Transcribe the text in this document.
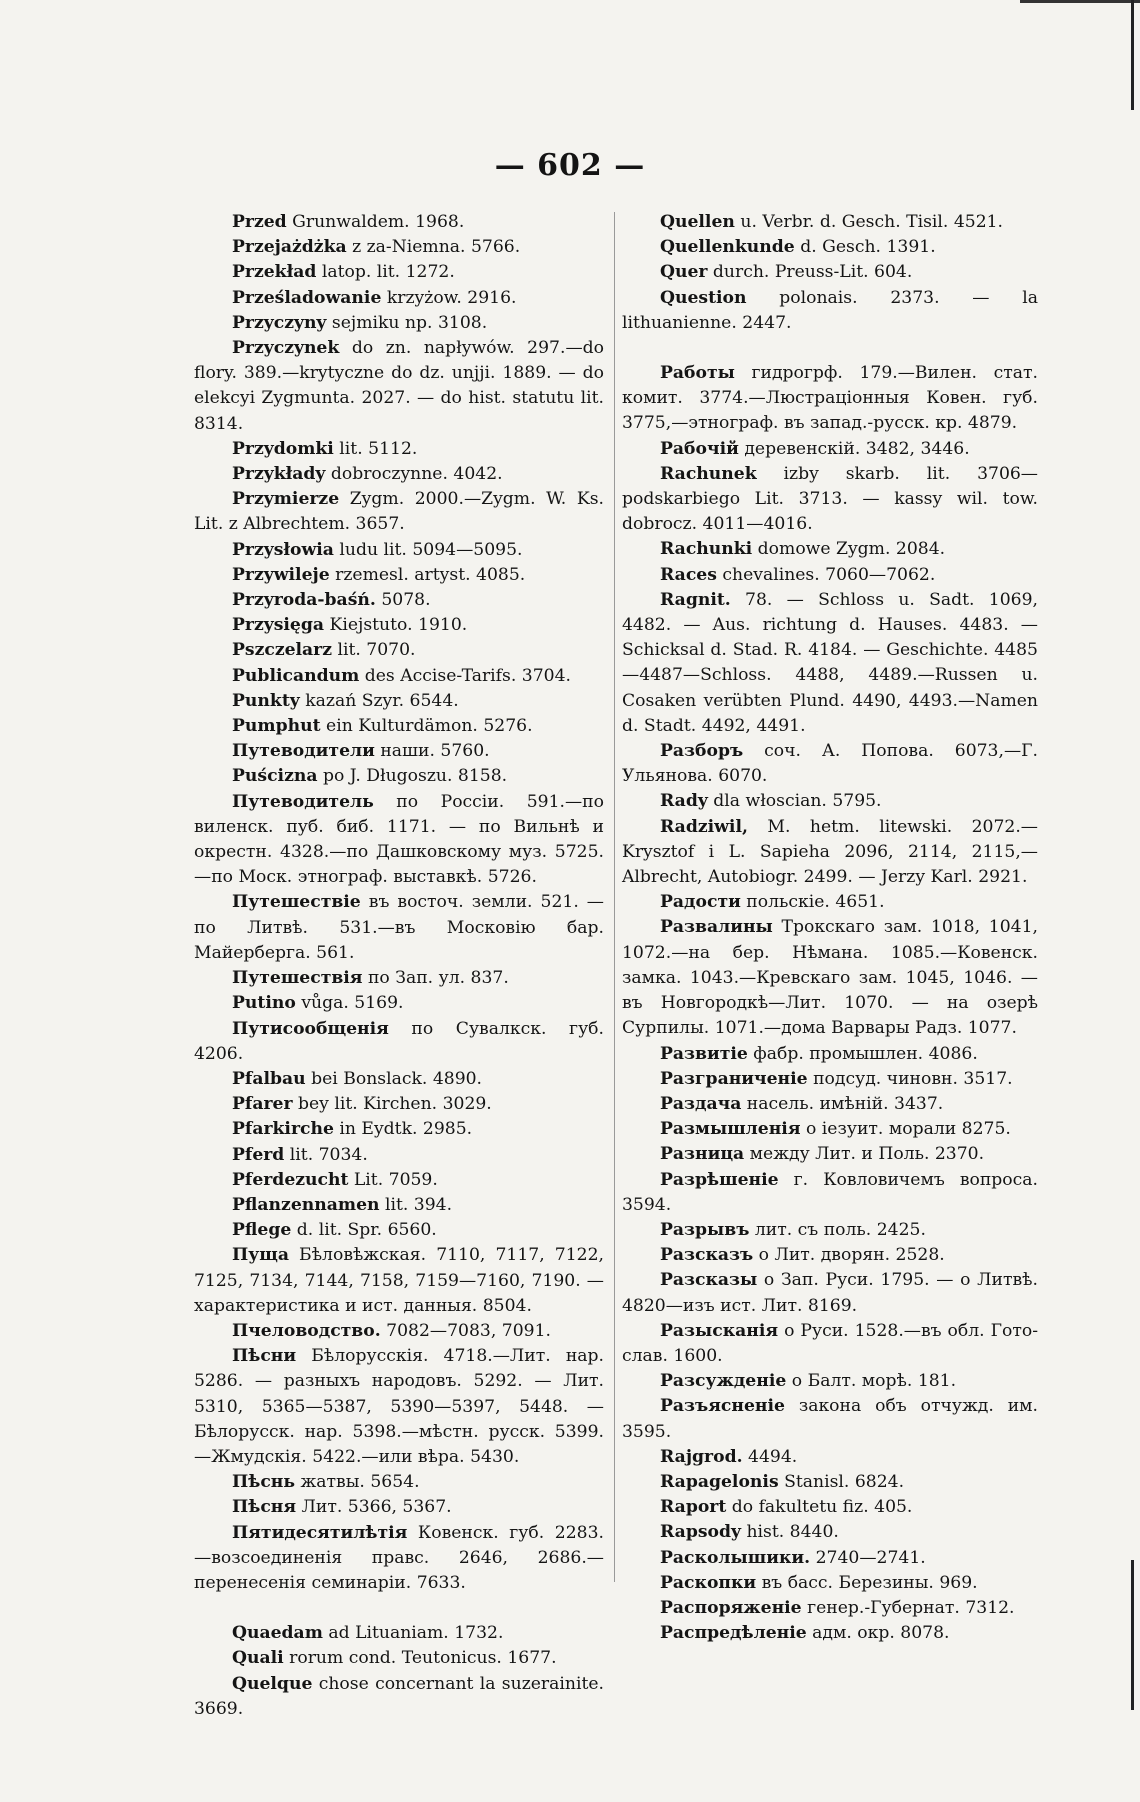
— 602 —

Przed Grunwaldem. 1968.

Przejażdżka z za-Niemna. 5766.

Przekład latop. lit. 1272.

Prześladowanie krzyżow. 2916.

Przyczyny sejmiku np. 3108.

Przyczynek do zn. napływów. 297.—do flory. 389.—krytyczne do dz. unjji. 1889. — do elekcyi Zygmunta. 2027. — do hist. statutu lit. 8314.

Przydomki lit. 5112.

Przykłady dobroczynne. 4042.

Przymierze Zygm. 2000.—Zygm. W. Ks. Lit. z Albrechtem. 3657.

Przysłowia ludu lit. 5094—5095.

Przywileje rzemesl. artyst. 4085.

Przyroda-baśń. 5078.

Przysięga Kiejstuto. 1910.

Pszczelarz lit. 7070.

Publicandum des Accise-Tarifs. 3704.

Punkty kazań Szyr. 6544.

Pumphut ein Kulturdämon. 5276.

Путеводители наши. 5760.

Puścizna po J. Długoszu. 8158.

Путеводитель по Россіи. 591.—по виленск. пуб. биб. 1171. — по Вильнѣ и окрестн. 4328.—по Дашковскому муз. 5725. —по Моск. этнограф. выставкѣ. 5726.

Путешествіе въ восточ. земли. 521. —по Литвѣ. 531.—въ Московію бар. Майерберга. 561.

Путешествія по Зап. ул. 837.

Putino vůga. 5169.

Путисообщенія по Сувалкск. губ. 4206.

Pfalbau bei Bonslack. 4890.

Pfarer bey lit. Kirchen. 3029.

Pfarkirche in Eydtk. 2985.

Pferd lit. 7034.

Pferdezucht Lit. 7059.

Pflanzennamen lit. 394.

Pflege d. lit. Spr. 6560.

Пуща Бѣловѣжская. 7110, 7117, 7122, 7125, 7134, 7144, 7158, 7159—7160, 7190. —характеристика и ист. данныя. 8504.

Пчеловодство. 7082—7083, 7091.

Пѣсни Бѣлорусскія. 4718.—Лит. нар. 5286. — разныхъ народовъ. 5292. — Лит. 5310, 5365—5387, 5390—5397, 5448. — Бѣлорусск. нар. 5398.—мѣстн. русск. 5399. —Жмудскія. 5422.—или вѣра. 5430.

Пѣснь жатвы. 5654.

Пѣсня Лит. 5366, 5367.

Пятидесятилѣтія Ковенск. губ. 2283.—возсоединенія правс. 2646, 2686.—перенесенія семинаріи. 7633.

Quaedam ad Lituaniam. 1732.

Quali rorum cond. Teutonicus. 1677.

Quelque chose concernant la suzerainite. 3669.

Quellen u. Verbr. d. Gesch. Tisil. 4521.

Quellenkunde d. Gesch. 1391.

Quer durch. Preuss-Lit. 604.

Question polonais. 2373. — la lithuanienne. 2447.

Работы гидрогрф. 179.—Вилен. стат. комит. 3774.—Люстраціонныя Ковен. губ. 3775,—этнограф. въ запад.-русск. кр. 4879.

Рабочій деревенскій. 3482, 3446.

Rachunek izby skarb. lit. 3706—podskarbiego Lit. 3713. — kassy wil. tow. dobrocz. 4011—4016.

Rachunki domowe Zygm. 2084.

Races chevalines. 7060—7062.

Ragnit. 78. — Schloss u. Sadt. 1069, 4482. — Aus. richtung d. Hauses. 4483. — Schicksal d. Stad. R. 4184. — Geschichte. 4485—4487—Schloss. 4488, 4489.—Russen u. Cosaken verübten Plund. 4490, 4493.—Namen d. Stadt. 4492, 4491.

Разборъ соч. А. Попова. 6073,—Г. Ульянова. 6070.

Rady dla włoscian. 5795.

Radziwil, M. hetm. litewski. 2072.—Krysztof i L. Sapieha 2096, 2114, 2115,—Albrecht, Autobiogr. 2499. — Jerzy Karl. 2921.

Радости польскіе. 4651.

Развалины Трокскаго зам. 1018, 1041, 1072.—на бер. Нѣмана. 1085.—Ковенск. замка. 1043.—Кревскаго зам. 1045, 1046. — въ Новгородкѣ—Лит. 1070. — на озерѣ Сурпилы. 1071.—дома Варвары Радз. 1077.

Развитіе фабр. промышлен. 4086.

Разграниченіе подсуд. чиновн. 3517.

Раздача насель. имѣній. 3437.

Размышленія о iезуит. морали 8275.

Разница между Лит. и Поль. 2370.

Разрѣшеніе г. Ковловичемъ вопроса. 3594.

Разрывъ лит. съ поль. 2425.

Разсказъ о Лит. дворян. 2528.

Разсказы о Зап. Руси. 1795. — о Литвѣ. 4820—изъ ист. Лит. 8169.

Разысканія о Руси. 1528.—въ обл. Гото-слав. 1600.

Разсужденіе о Балт. морѣ. 181.

Разъясненіе закона объ отчужд. им. 3595.

Rajgrod. 4494.

Rapagelonis Stanisl. 6824.

Raport do fakultetu fiz. 405.

Rapsody hist. 8440.

Расколышики. 2740—2741.

Раскопки въ басс. Березины. 969.

Распоряженіе генер.-Губернат. 7312.

Распредѣленіе адм. окр. 8078.
